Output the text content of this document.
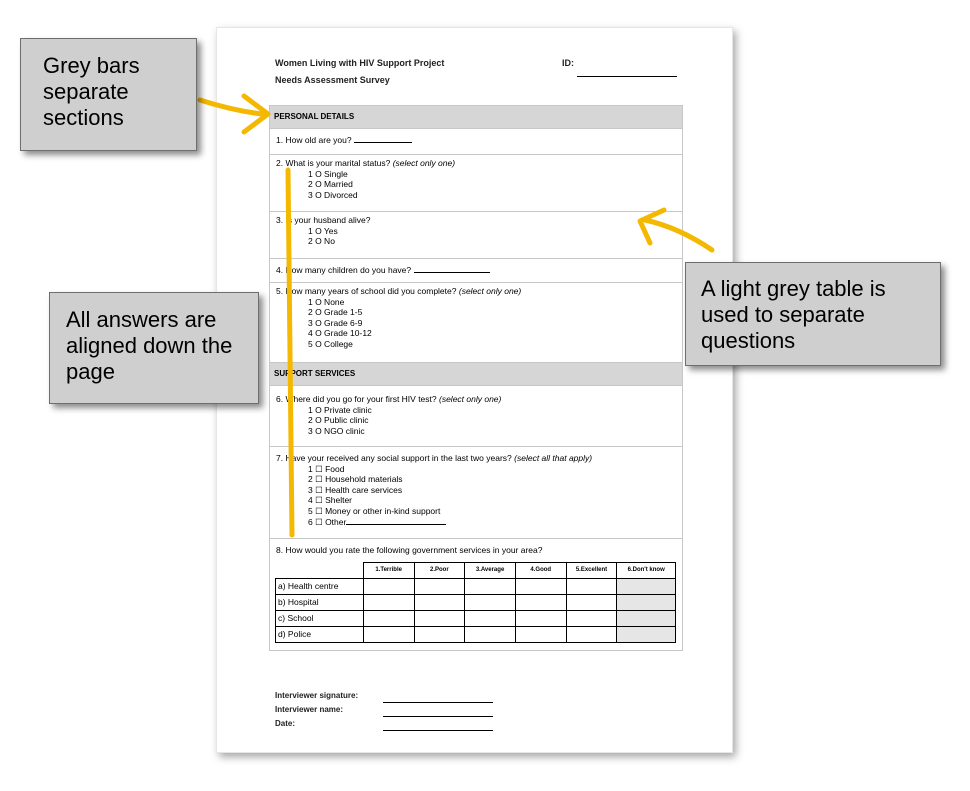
Women Living with HIV Support Project	ID:
Needs Assessment Survey
PERSONAL DETAILS
1. How old are you?
2. What is your marital status? (select only one)
1 O Single
2 O Married
3 O Divorced
3. Is your husband alive?
1 O Yes
2 O No
4. How many children do you have?
5. How many years of school did you complete? (select only one)
1 O None
2 O Grade 1-5
3 O Grade 6-9
4 O Grade 10-12
5 O College
SUPPORT SERVICES
6. Where did you go for your first HIV test? (select only one)
1 O Private clinic
2 O Public clinic
3 O NGO clinic
7. Have your received any social support in the last two years? (select all that apply)
1 ☐ Food
2 ☐ Household materials
3 ☐ Health care services
4 ☐ Shelter
5 ☐ Money or other in-kind support
6 ☐ Other
8. How would you rate the following government services in your area?
	1.Terrible	2.Poor	3.Average	4.Good	5.Excellent	6.Don't know
a) Health centre						
b) Hospital						
c) School						
d) Police						
Interviewer signature:
Interviewer name:
Date:
Grey bars separate sections
All answers are aligned down the page
A light grey table is used to separate questions
